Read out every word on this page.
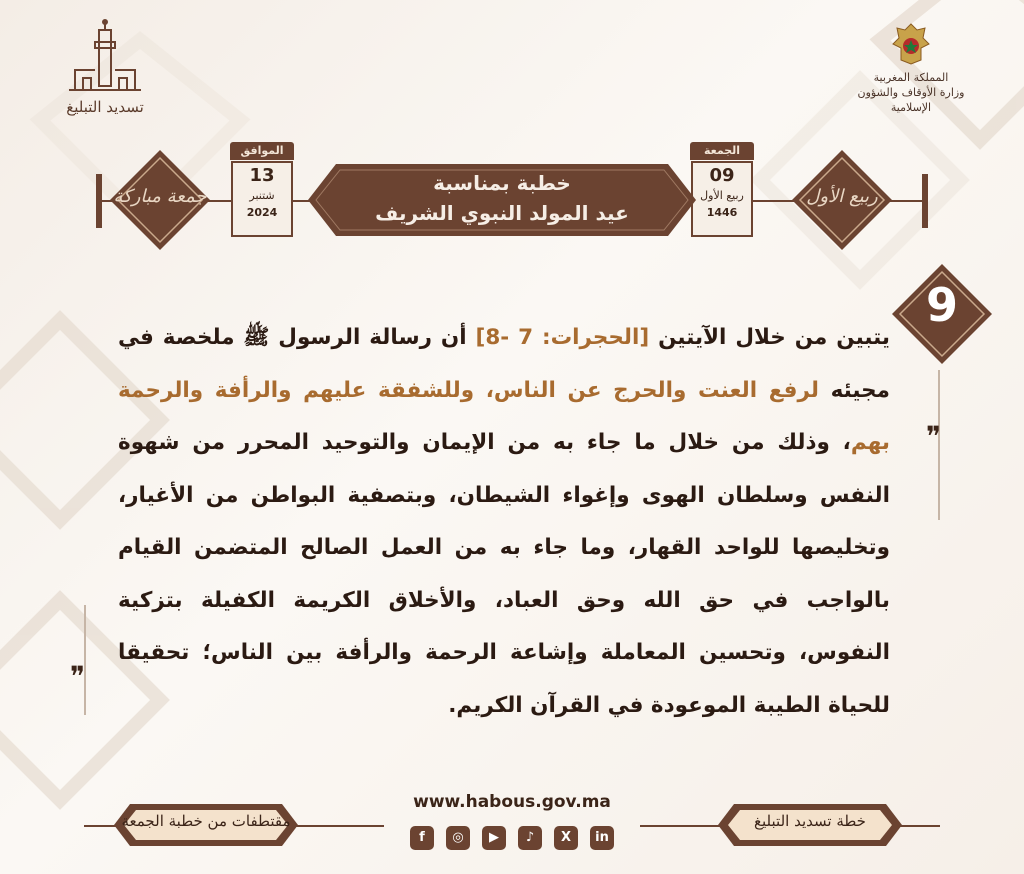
المملكة المغربية
وزارة الأوقاف والشؤون الإسلامية
تسديد التبليغ
جمعة مباركة	ربيع الأول
الموافق
13
شتنبر
2024
الجمعة
09
ربيع الأول
1446
خطبة بمناسبة
عيد المولد النبوي الشريف
9
❞
❞
يتبين من خلال الآيتين [الحجرات: 7 -8] أن رسالة الرسول ﷺ ملخصة في مجيئه لرفع العنت والحرج عن الناس، وللشفقة عليهم والرأفة والرحمة بهم، وذلك من خلال ما جاء به من الإيمان والتوحيد المحرر من شهوة النفس وسلطان الهوى وإغواء الشيطان، وبتصفية البواطن من الأغيار، وتخليصها للواحد القهار، وما جاء به من العمل الصالح المتضمن القيام بالواجب في حق الله وحق العباد، والأخلاق الكريمة الكفيلة بتزكية النفوس، وتحسين المعاملة وإشاعة الرحمة والرأفة بين الناس؛ تحقيقا للحياة الطيبة الموعودة في القرآن الكريم.
مقتطفات من خطبة الجمعة	خطة تسديد التبليغ
www.habous.gov.ma
f	◎	▶	♪	X	in
